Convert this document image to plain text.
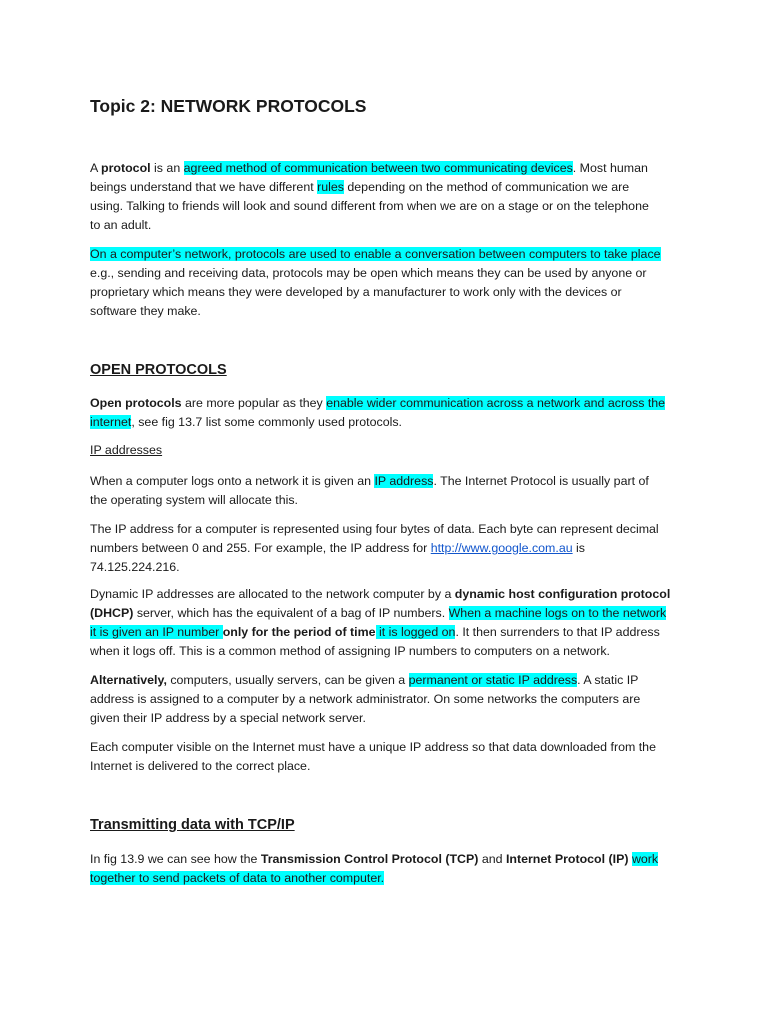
Topic 2: NETWORK PROTOCOLS
A protocol is an agreed method of communication between two communicating devices. Most human
beings understand that we have different rules depending on the method of communication we are
using. Talking to friends will look and sound different from when we are on a stage or on the telephone
to an adult.
On a computer’s network, protocols are used to enable a conversation between computers to take place
e.g., sending and receiving data, protocols may be open which means they can be used by anyone or
proprietary which means they were developed by a manufacturer to work only with the devices or
software they make.
OPEN PROTOCOLS
Open protocols are more popular as they enable wider communication across a network and across the
internet, see fig 13.7 list some commonly used protocols.
IP addresses
When a computer logs onto a network it is given an IP address. The Internet Protocol is usually part of
the operating system will allocate this.
The IP address for a computer is represented using four bytes of data. Each byte can represent decimal
numbers between 0 and 255. For example, the IP address for http://www.google.com.au is
74.125.224.216.
Dynamic IP addresses are allocated to the network computer by a dynamic host configuration protocol
(DHCP) server, which has the equivalent of a bag of IP numbers. When a machine logs on to the network
it is given an IP number only for the period of time it is logged on. It then surrenders to that IP address
when it logs off. This is a common method of assigning IP numbers to computers on a network.
Alternatively, computers, usually servers, can be given a permanent or static IP address. A static IP
address is assigned to a computer by a network administrator. On some networks the computers are
given their IP address by a special network server.
Each computer visible on the Internet must have a unique IP address so that data downloaded from the
Internet is delivered to the correct place.
Transmitting data with TCP/IP
In fig 13.9 we can see how the Transmission Control Protocol (TCP) and Internet Protocol (IP) work
together to send packets of data to another computer.
